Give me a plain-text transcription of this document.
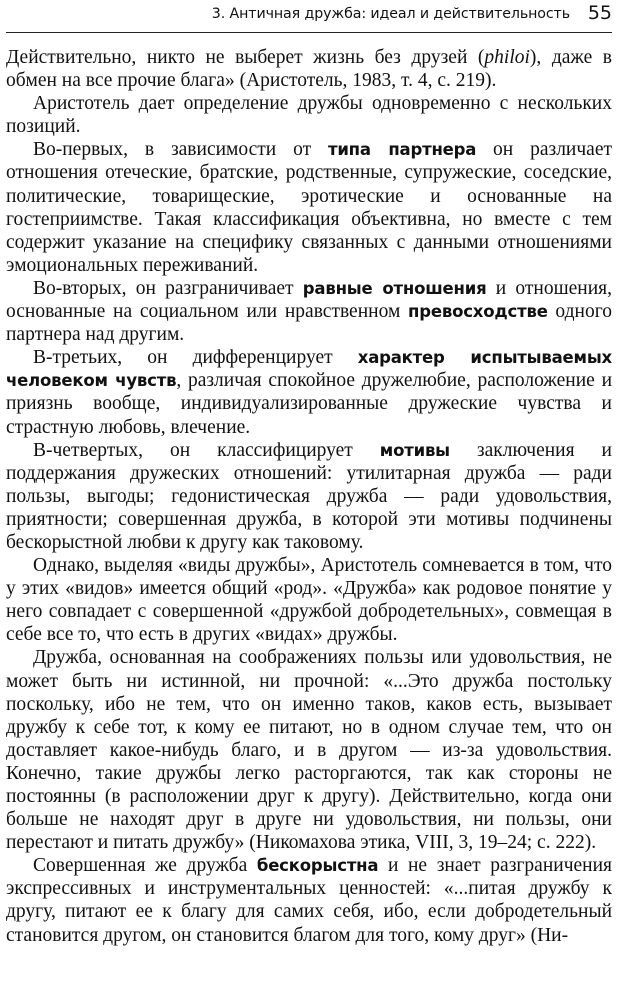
3. Античная дружба: идеал и действительность 55

Действительно, никто не выберет жизнь без друзей (philoi), даже в обмен на все прочие блага» (Аристотель, 1983, т. 4, с. 219).

Аристотель дает определение дружбы одновременно с нескольких позиций.

Во-первых, в зависимости от типа партнера он различает отношения отеческие, братские, родственные, супружеские, соседские, политические, товарищеские, эротические и основанные на гостеприимстве. Такая классификация объективна, но вместе с тем содержит указание на специфику связанных с данными отношениями эмоциональных переживаний.

Во-вторых, он разграничивает равные отношения и отношения, основанные на социальном или нравственном превосходстве одного партнера над другим.

В-третьих, он дифференцирует характер испытываемых человеком чувств, различая спокойное дружелюбие, расположение и приязнь вообще, индивидуализированные дружеские чувства и страстную любовь, влечение.

В-четвертых, он классифицирует мотивы заключения и поддержания дружеских отношений: утилитарная дружба — ради пользы, выгоды; гедонистическая дружба — ради удовольствия, приятности; совершенная дружба, в которой эти мотивы подчинены бескорыстной любви к другу как таковому.

Однако, выделяя «виды дружбы», Аристотель сомневается в том, что у этих «видов» имеется общий «род». «Дружба» как родовое понятие у него совпадает с совершенной «дружбой добродетельных», совмещая в себе все то, что есть в других «видах» дружбы.

Дружба, основанная на соображениях пользы или удовольствия, не может быть ни истинной, ни прочной: «...Это дружба постольку поскольку, ибо не тем, что он именно таков, каков есть, вызывает дружбу к себе тот, к кому ее питают, но в одном случае тем, что он доставляет какое-нибудь благо, и в другом — из-за удовольствия. Конечно, такие дружбы легко расторгаются, так как стороны не постоянны (в расположении друг к другу). Действительно, когда они больше не находят друг в друге ни удовольствия, ни пользы, они перестают и питать дружбу» (Никомахова этика, VIII, 3, 19–24; с. 222).

Совершенная же дружба бескорыстна и не знает разграничения экспрессивных и инструментальных ценностей: «...питая дружбу к другу, питают ее к благу для самих себя, ибо, если добродетельный становится другом, он становится благом для того, кому друг» (Ни-
